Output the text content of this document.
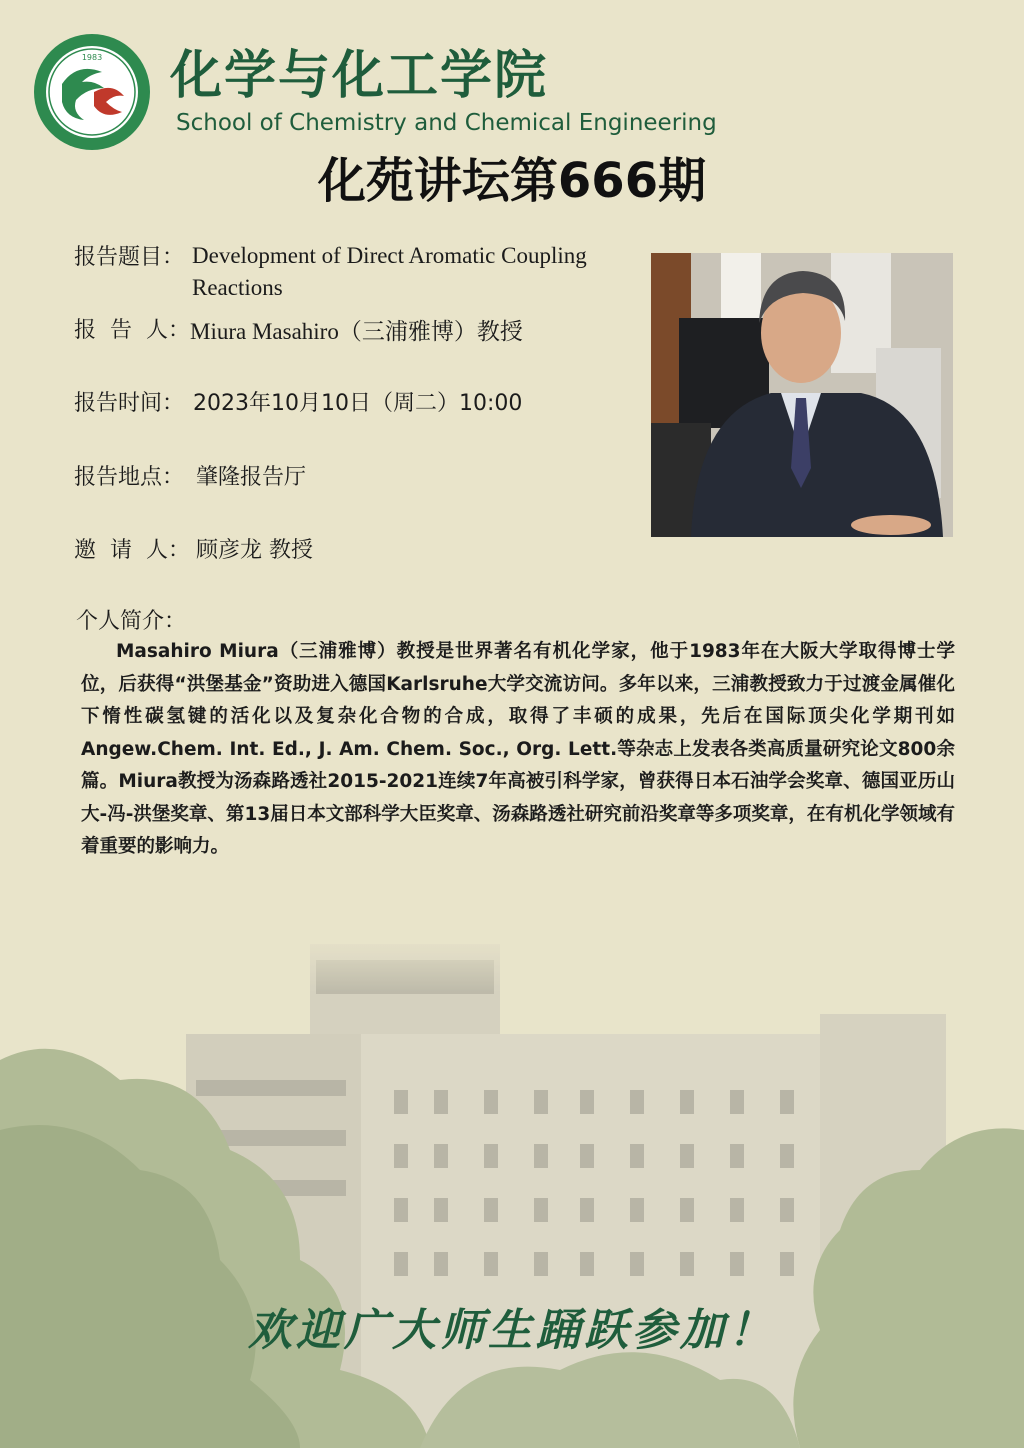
1983 化学与化工学院
School of Chemistry and Chemical Engineering
化苑讲坛第666期
报告题目： Development of Direct Aromatic Coupling Reactions
报  告  人： Miura Masahiro（三浦雅博）教授
报告时间： 2023年10月10日（周二）10:00
报告地点： 肇隆报告厅
邀  请  人： 顾彦龙 教授
个人简介：
Masahiro Miura（三浦雅博）教授是世界著名有机化学家，他于1983年在大阪大学取得博士学位，后获得“洪堡基金”资助进入德国Karlsruhe大学交流访问。多年以来，三浦教授致力于过渡金属催化下惰性碳氢键的活化以及复杂化合物的合成，取得了丰硕的成果，先后在国际顶尖化学期刊如Angew.Chem. Int. Ed., J. Am. Chem. Soc., Org. Lett.等杂志上发表各类高质量研究论文800余篇。Miura教授为汤森路透社2015-2021连续7年高被引科学家，曾获得日本石油学会奖章、德国亚历山大-冯-洪堡奖章、第13届日本文部科学大臣奖章、汤森路透社研究前沿奖章等多项奖章，在有机化学领域有着重要的影响力。
欢迎广大师生踊跃参加！
